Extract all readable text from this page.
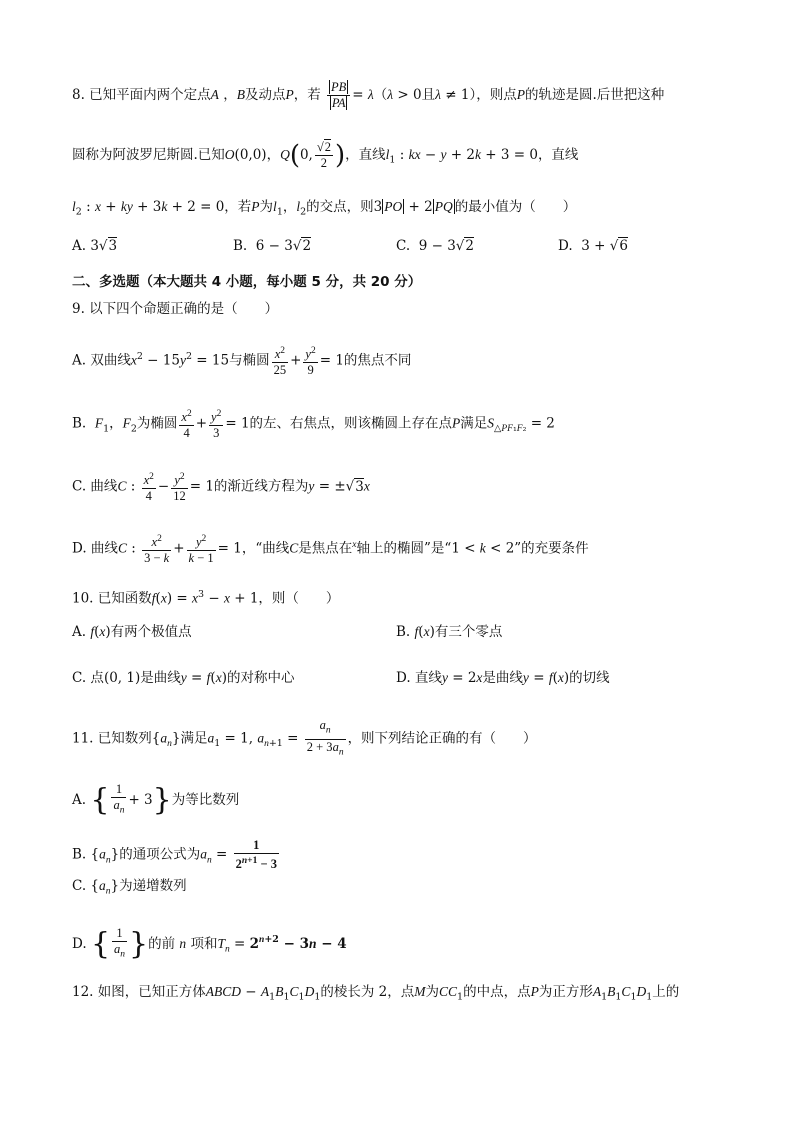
8. 已知平面内两个定点A ，B及动点P，若 $\frac{PB}{PA} = \lambda(\lambda > 0$且λ ≠ 1），则点P的轨迹是圆.后世把这种
圆称为阿波罗尼斯圆.已知O(0,0)，Q(0, $\frac{√2}{2}$ )，直线$l_1$ : kx − y + 2k + 3 = 0，直线
$l_2$ : x + ky + 3k + 2 = 0，若P为$l_1$，$l_2$的交点，则3 PO + 2 PQ 的最小值为（　　）
A. 3√3	B.  6 − 3√2	C.  9 − 3√2	D.  3 + √6
二、多选题（本大题共 4 小题，每小题 5 分，共 20 分）
9. 以下四个命题正确的是（　　）
A. 双曲线$x^2 - 15y^2 = 15$与椭圆 $\frac{x^2}{25} + \frac{y^2}{9} = 1$的焦点不同
B. $F_1$，$F_2$为椭圆 $\frac{x^2}{4} + \frac{y^2}{3} = 1$的左、右焦点，则该椭圆上存在点P满足$S_{\triangle PF_1F_2} = 2$
C. 曲线C : $\frac{x^2}{4} - \frac{y^2}{12} = 1$的渐近线方程为y = ±√3x
D. 曲线C : $\frac{x^2}{3 - k} + \frac{y^2}{k - 1} = 1$，“曲线C是焦点在$^x$轴上的椭圆”是“1 < k < 2”的充要条件
10. 已知函数$f(x) = x^3 - x + 1$，则（　　）
A. f(x)有两个极值点	B. f(x)有三个零点
C. 点(0, 1)是曲线y = f(x)的对称中心	D. 直线y = 2x是曲线y = f(x)的切线
11. 已知数列$\{a_n\}$满足$a_1 = 1$, $a_{n+1} = \frac{a_n}{2 + 3a_n}$ ，则下列结论正确的有（　　）
A. { $\frac{1}{a_n} + 3$}为等比数列
B. $\{a_n\}$的通项公式为$a_n = \frac{1}{2^{n+1} - 3}$
C. $\{a_n\}$为递增数列
D. { $\frac{1}{a_n}$ }的前 n 项和$T_n = 2^{n+2} - 3n - 4$
12. 如图，已知正方体ABCD − $A_1B_1C_1D_1$的棱长为 2，点M为$CC_1$的中点，点P为正方形$A_1B_1C_1D_1$上的
